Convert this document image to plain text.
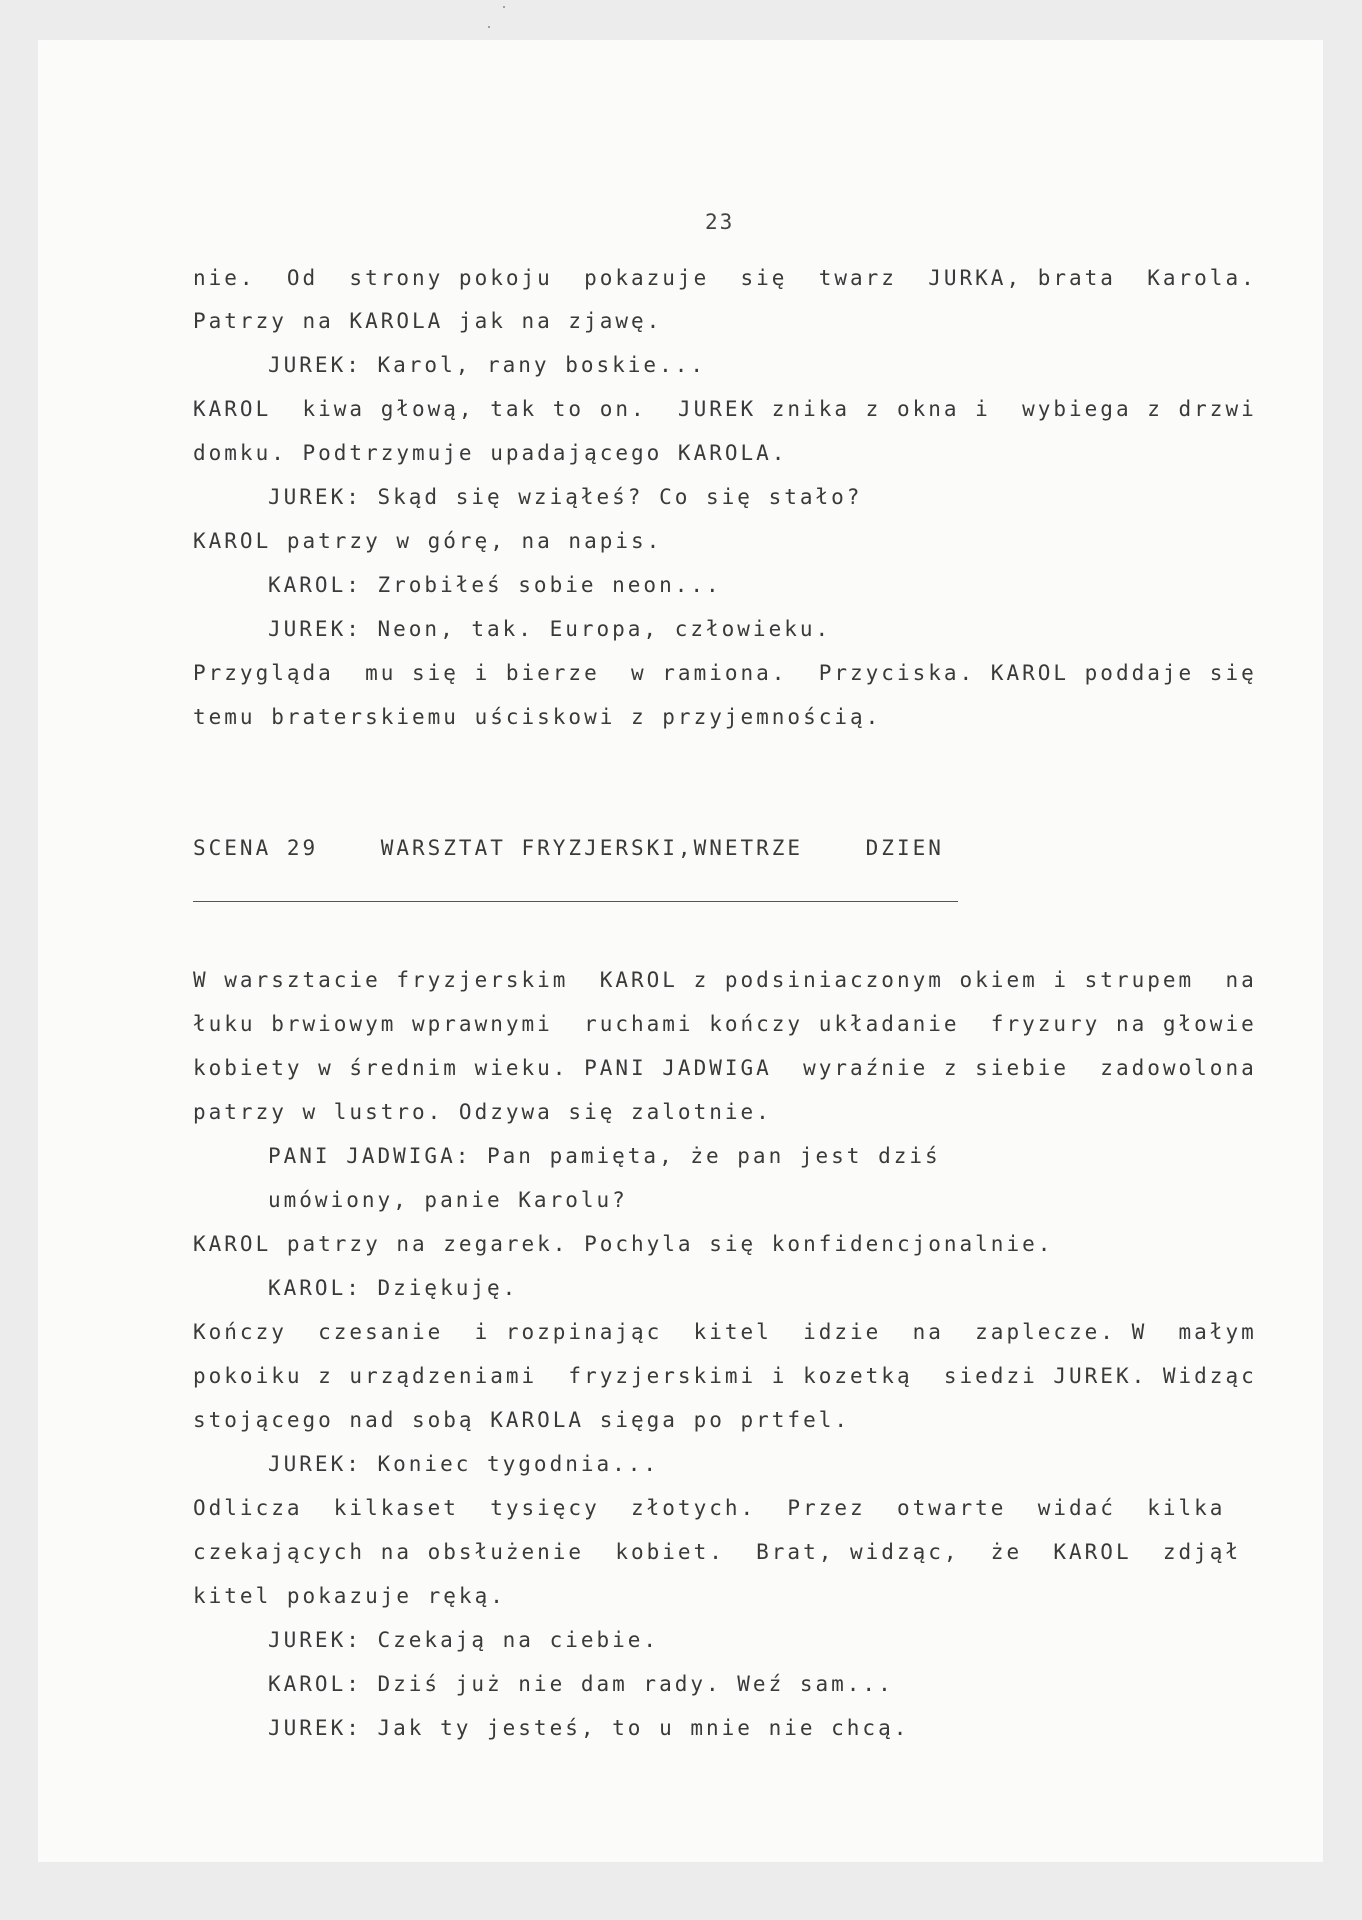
23
nie.  Od  strony pokoju  pokazuje  się  twarz  JURKA, brata  Karola.
Patrzy na KAROLA jak na zjawę.
JUREK: Karol, rany boskie...
KAROL  kiwa głową, tak to on.  JUREK znika z okna i  wybiega z drzwi
domku. Podtrzymuje upadającego KAROLA.
JUREK: Skąd się wziąłeś? Co się stało?
KAROL patrzy w górę, na napis.
KAROL: Zrobiłeś sobie neon...
JUREK: Neon, tak. Europa, człowieku.
Przygląda  mu się i bierze  w ramiona.  Przyciska. KAROL poddaje się
temu braterskiemu uściskowi z przyjemnością.
SCENA 29    WARSZTAT FRYZJERSKI,WNETRZE    DZIEN
W warsztacie fryzjerskim  KAROL z podsiniaczonym okiem i strupem  na
łuku brwiowym wprawnymi  ruchami kończy układanie  fryzury na głowie
kobiety w średnim wieku. PANI JADWIGA  wyraźnie z siebie  zadowolona
patrzy w lustro. Odzywa się zalotnie.
PANI JADWIGA: Pan pamięta, że pan jest dziś
umówiony, panie Karolu?
KAROL patrzy na zegarek. Pochyla się konfidencjonalnie.
KAROL: Dziękuję.
Kończy  czesanie  i rozpinając  kitel  idzie  na  zaplecze. W  małym
pokoiku z urządzeniami  fryzjerskimi i kozetką  siedzi JUREK. Widząc
stojącego nad sobą KAROLA sięga po prtfel.
JUREK: Koniec tygodnia...
Odlicza  kilkaset  tysięcy  złotych.  Przez  otwarte  widać  kilka
czekających na obsłużenie  kobiet.  Brat, widząc,  że  KAROL  zdjął
kitel pokazuje ręką.
JUREK: Czekają na ciebie.
KAROL: Dziś już nie dam rady. Weź sam...
JUREK: Jak ty jesteś, to u mnie nie chcą.
